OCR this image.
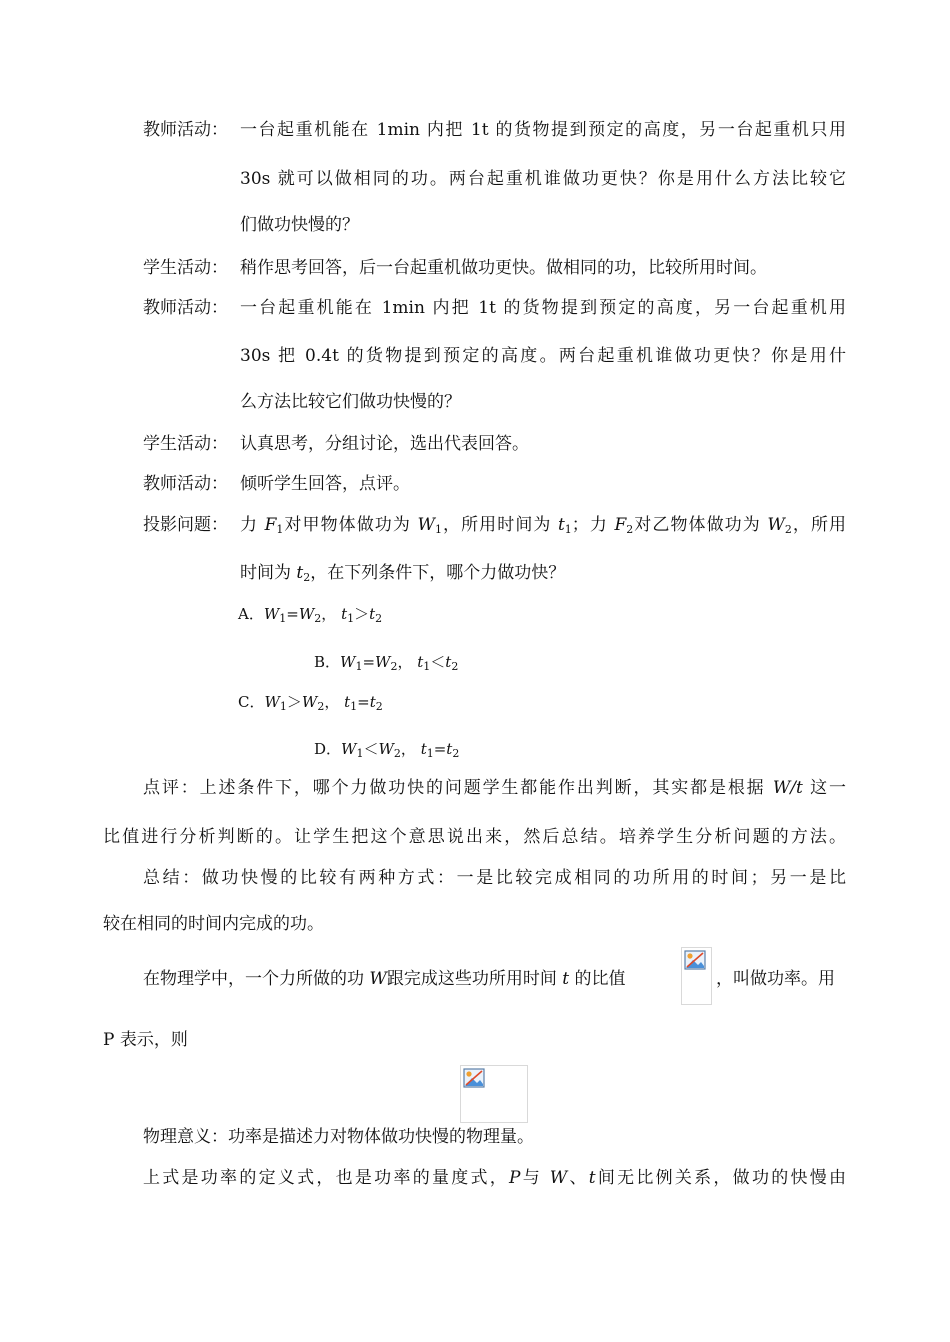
教师活动： 一台起重机能在 1min 内把 1t 的货物提到预定的高度，另一台起重机只用
30s 就可以做相同的功。两台起重机谁做功更快？你是用什么方法比较它
们做功快慢的？
学生活动： 稍作思考回答，后一台起重机做功更快。做相同的功，比较所用时间。
教师活动： 一台起重机能在 1min 内把 1t 的货物提到预定的高度，另一台起重机用
30s 把 0.4t 的货物提到预定的高度。两台起重机谁做功更快？你是用什
么方法比较它们做功快慢的？
学生活动： 认真思考，分组讨论，选出代表回答。
教师活动： 倾听学生回答，点评。
投影问题： 力 $F_1$对甲物体做功为 $W_1$，所用时间为 $t_1$；力 $F_2$对乙物体做功为 $W_2$，所用
时间为 $t_2$，在下列条件下，哪个力做功快？
A．$W_1=W_2$， $t_1>t_2$
B．$W_1=W_2$， $t_1<t_2$
C．$W_1>W_2$， $t_1=t_2$
D．$W_1<W_2$， $t_1=t_2$
点评：上述条件下，哪个力做功快的问题学生都能作出判断，其实都是根据 W/t 这一
比值进行分析判断的。让学生把这个意思说出来，然后总结。培养学生分析问题的方法。
总结：做功快慢的比较有两种方式：一是比较完成相同的功所用的时间；另一是比
较在相同的时间内完成的功。
在物理学中，一个力所做的功 W跟完成这些功所用时间 t 的比值	，叫做功率。用
P 表示，则
物理意义：功率是描述力对物体做功快慢的物理量。
上式是功率的定义式，也是功率的量度式，P与 W、t间无比例关系，做功的快慢由
